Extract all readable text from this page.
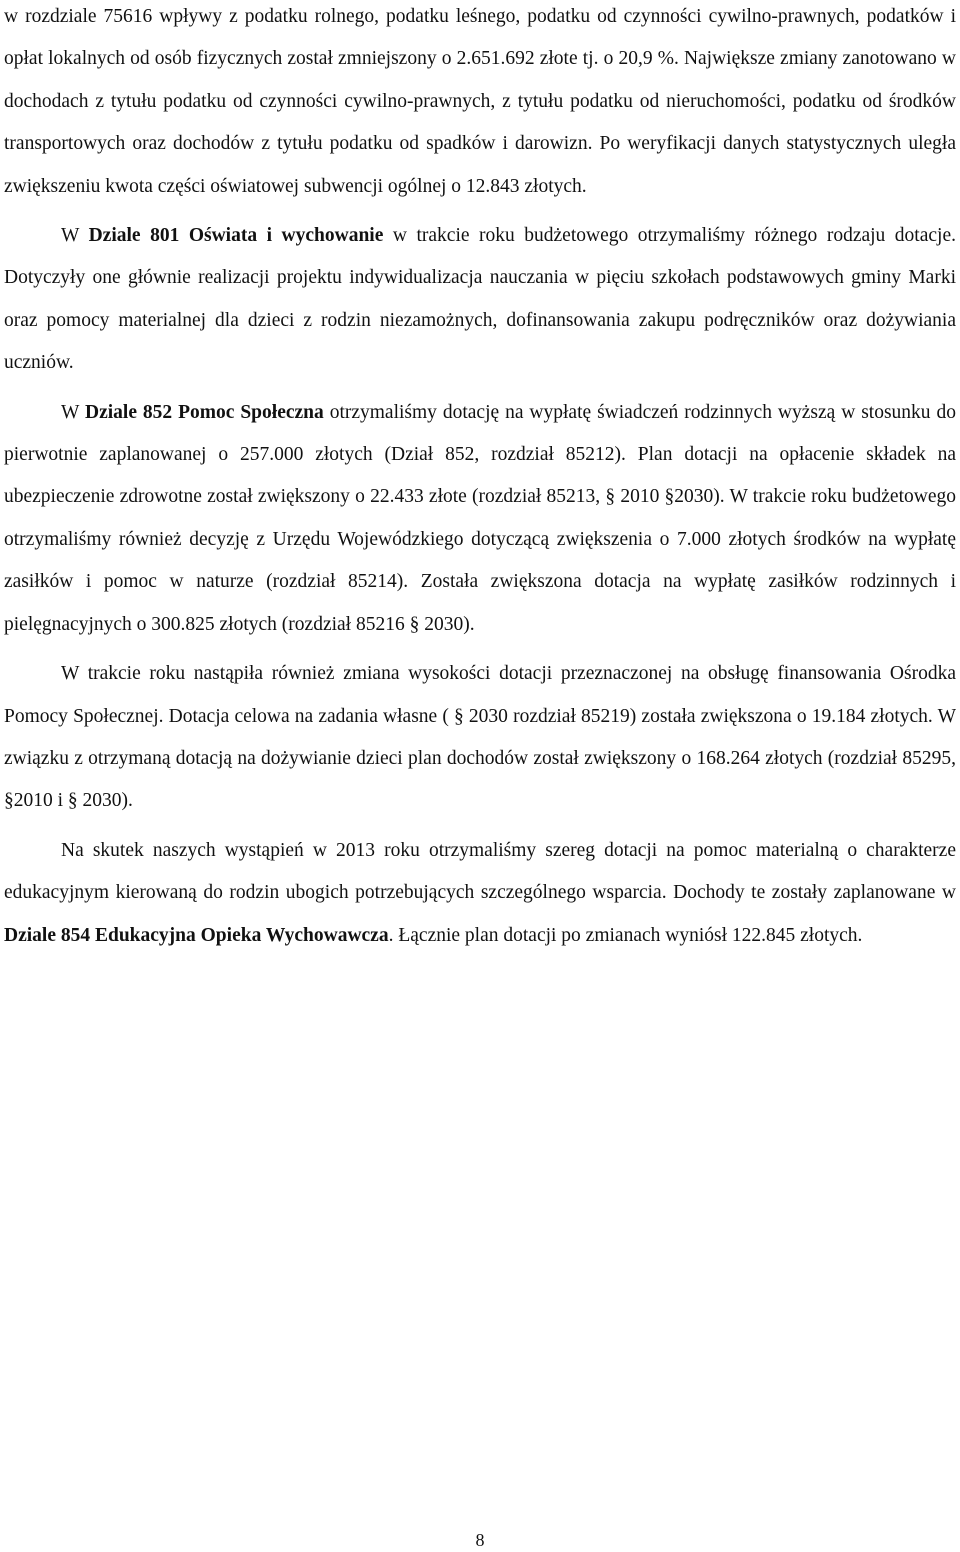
w rozdziale 75616 wpływy z podatku rolnego, podatku leśnego, podatku od czynności cywilno-prawnych, podatków i opłat lokalnych od osób fizycznych został zmniejszony o 2.651.692 złote tj. o 20,9 %. Największe zmiany zanotowano w dochodach z tytułu podatku od czynności cywilno-prawnych, z tytułu podatku od nieruchomości, podatku od środków transportowych oraz dochodów z tytułu podatku od spadków i darowizn. Po weryfikacji danych statystycznych uległa zwiększeniu kwota części oświatowej subwencji ogólnej o 12.843 złotych.

W Dziale 801 Oświata i wychowanie w trakcie roku budżetowego otrzymaliśmy różnego rodzaju dotacje. Dotyczyły one głównie realizacji projektu indywidualizacja nauczania w pięciu szkołach podstawowych gminy Marki oraz pomocy materialnej dla dzieci z rodzin niezamożnych, dofinansowania zakupu podręczników oraz dożywiania uczniów.

W Dziale 852 Pomoc Społeczna otrzymaliśmy dotację na wypłatę świadczeń rodzinnych wyższą w stosunku do pierwotnie zaplanowanej o 257.000 złotych (Dział 852, rozdział 85212). Plan dotacji na opłacenie składek na ubezpieczenie zdrowotne został zwiększony o 22.433 złote (rozdział 85213, § 2010 §2030). W trakcie roku budżetowego otrzymaliśmy również decyzję z Urzędu Wojewódzkiego dotyczącą zwiększenia o 7.000 złotych środków na wypłatę zasiłków i pomoc w naturze (rozdział 85214). Została zwiększona dotacja na wypłatę zasiłków rodzinnych i pielęgnacyjnych o 300.825 złotych (rozdział 85216 § 2030).

W trakcie roku nastąpiła również zmiana wysokości dotacji przeznaczonej na obsługę finansowania Ośrodka Pomocy Społecznej. Dotacja celowa na zadania własne ( § 2030 rozdział 85219) została zwiększona o 19.184 złotych. W związku z otrzymaną dotacją na dożywianie dzieci plan dochodów został zwiększony o 168.264 złotych (rozdział 85295, §2010 i § 2030).

Na skutek naszych wystąpień w 2013 roku otrzymaliśmy szereg dotacji na pomoc materialną o charakterze edukacyjnym kierowaną do rodzin ubogich potrzebujących szczególnego wsparcia. Dochody te zostały zaplanowane w Dziale 854 Edukacyjna Opieka Wychowawcza. Łącznie plan dotacji po zmianach wyniósł 122.845 złotych.

8
